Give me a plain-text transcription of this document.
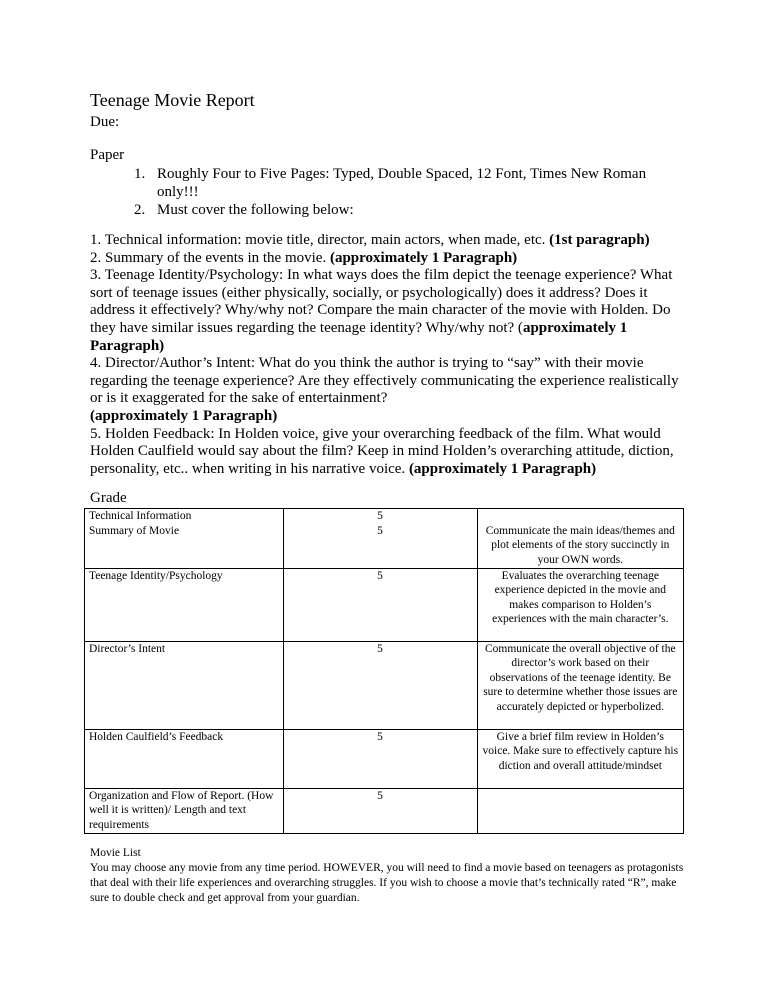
Teenage Movie Report
Due:
Paper
1. Roughly Four to Five Pages: Typed, Double Spaced, 12 Font, Times New Roman only!!!
2. Must cover the following below:

1. Technical information: movie title, director, main actors, when made, etc. (1st paragraph)

2. Summary of the events in the movie. (approximately 1 Paragraph)

3. Teenage Identity/Psychology: In what ways does the film depict the teenage experience? What sort of teenage issues (either physically, socially, or psychologically) does it address? Does it address it effectively? Why/why not? Compare the main character of the movie with Holden. Do they have similar issues regarding the teenage identity? Why/why not? (approximately 1 Paragraph)

4. Director/Author’s Intent: What do you think the author is trying to “say” with their movie regarding the teenage experience? Are they effectively communicating the experience realistically or is it exaggerated for the sake of entertainment?
(approximately 1 Paragraph)

5. Holden Feedback: In Holden voice, give your overarching feedback of the film. What would Holden Caulfield would say about the film? Keep in mind Holden’s overarching attitude, diction, personality, etc.. when writing in his narrative voice. (approximately 1 Paragraph)

Grade
Technical Information	5	
Summary of Movie	5	Communicate the main ideas/themes and plot elements of the story succinctly in your OWN words.
Teenage Identity/Psychology	5	Evaluates the overarching teenage experience depicted in the movie and makes comparison to Holden’s experiences with the main character’s.
Director’s Intent	5	Communicate the overall objective of the director’s work based on their observations of the teenage identity. Be sure to determine whether those issues are accurately depicted or hyperbolized.
Holden Caulfield’s Feedback	5	Give a brief film review in Holden’s voice. Make sure to effectively capture his diction and overall attitude/mindset
Organization and Flow of Report. (How well it is written)/ Length and text requirements	5	

Movie List

You may choose any movie from any time period. HOWEVER, you will need to find a movie based on teenagers as protagonists that deal with their life experiences and overarching struggles. If you wish to choose a movie that’s technically rated “R”, make sure to double check and get approval from your guardian.
